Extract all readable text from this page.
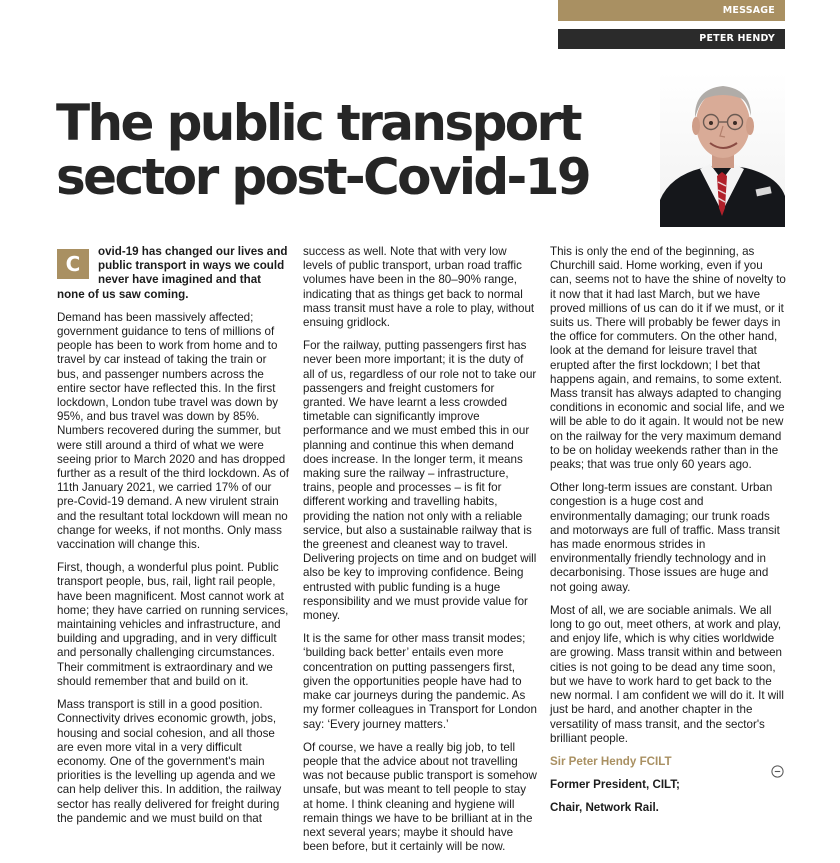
MESSAGE
PETER HENDY
The public transport
sector post-Covid-19

C
ovid-19 has changed our lives and public transport in ways we could never have imagined and that none of us saw coming.

Demand has been massively affected; government guidance to tens of millions of people has been to work from home and to travel by car instead of taking the train or bus, and passenger numbers across the entire sector have reflected this. In the first lockdown, London tube travel was down by 95%, and bus travel was down by 85%. Numbers recovered during the summer, but were still around a third of what we were seeing prior to March 2020 and has dropped further as a result of the third lockdown. As of 11th January 2021, we carried 17% of our pre-Covid-19 demand. A new virulent strain and the resultant total lockdown will mean no change for weeks, if not months. Only mass vaccination will change this.

First, though, a wonderful plus point. Public transport people, bus, rail, light rail people, have been magnificent. Most cannot work at home; they have carried on running services, maintaining vehicles and infrastructure, and building and upgrading, and in very difficult and personally challenging circumstances. Their commitment is extraordinary and we should remember that and build on it.

Mass transport is still in a good position. Connectivity drives economic growth, jobs, housing and social cohesion, and all those are even more vital in a very difficult economy. One of the government's main priorities is the levelling up agenda and we can help deliver this. In addition, the railway sector has really delivered for freight during the pandemic and we must build on that

success as well. Note that with very low levels of public transport, urban road traffic volumes have been in the 80–90% range, indicating that as things get back to normal mass transit must have a role to play, without ensuing gridlock.

For the railway, putting passengers first has never been more important; it is the duty of all of us, regardless of our role not to take our passengers and freight customers for granted. We have learnt a less crowded timetable can significantly improve performance and we must embed this in our planning and continue this when demand does increase. In the longer term, it means making sure the railway – infrastructure, trains, people and processes – is fit for different working and travelling habits, providing the nation not only with a reliable service, but also a sustainable railway that is the greenest and cleanest way to travel. Delivering projects on time and on budget will also be key to improving confidence. Being entrusted with public funding is a huge responsibility and we must provide value for money.

It is the same for other mass transit modes; ‘building back better’ entails even more concentration on putting passengers first, given the opportunities people have had to make car journeys during the pandemic. As my former colleagues in Transport for London say: ‘Every journey matters.’

Of course, we have a really big job, to tell people that the advice about not travelling was not because public transport is somehow unsafe, but was meant to tell people to stay at home. I think cleaning and hygiene will remain things we have to be brilliant at in the next several years; maybe it should have been before, but it certainly will be now.

This is only the end of the beginning, as Churchill said. Home working, even if you can, seems not to have the shine of novelty to it now that it had last March, but we have proved millions of us can do it if we must, or it suits us. There will probably be fewer days in the office for commuters. On the other hand, look at the demand for leisure travel that erupted after the first lockdown; I bet that happens again, and remains, to some extent. Mass transit has always adapted to changing conditions in economic and social life, and we will be able to do it again. It would not be new on the railway for the very maximum demand to be on holiday weekends rather than in the peaks; that was true only 60 years ago.

Other long-term issues are constant. Urban congestion is a huge cost and environmentally damaging; our trunk roads and motorways are full of traffic. Mass transit has made enormous strides in environmentally friendly technology and in decarbonising. Those issues are huge and not going away.

Most of all, we are sociable animals. We all long to go out, meet others, at work and play, and enjoy life, which is why cities worldwide are growing. Mass transit within and between cities is not going to be dead any time soon, but we have to work hard to get back to the new normal. I am confident we will do it. It will just be hard, and another chapter in the versatility of mass transit, and the sector's brilliant people.

Sir Peter Hendy FCILT

Former President, CILT;

Chair, Network Rail.
